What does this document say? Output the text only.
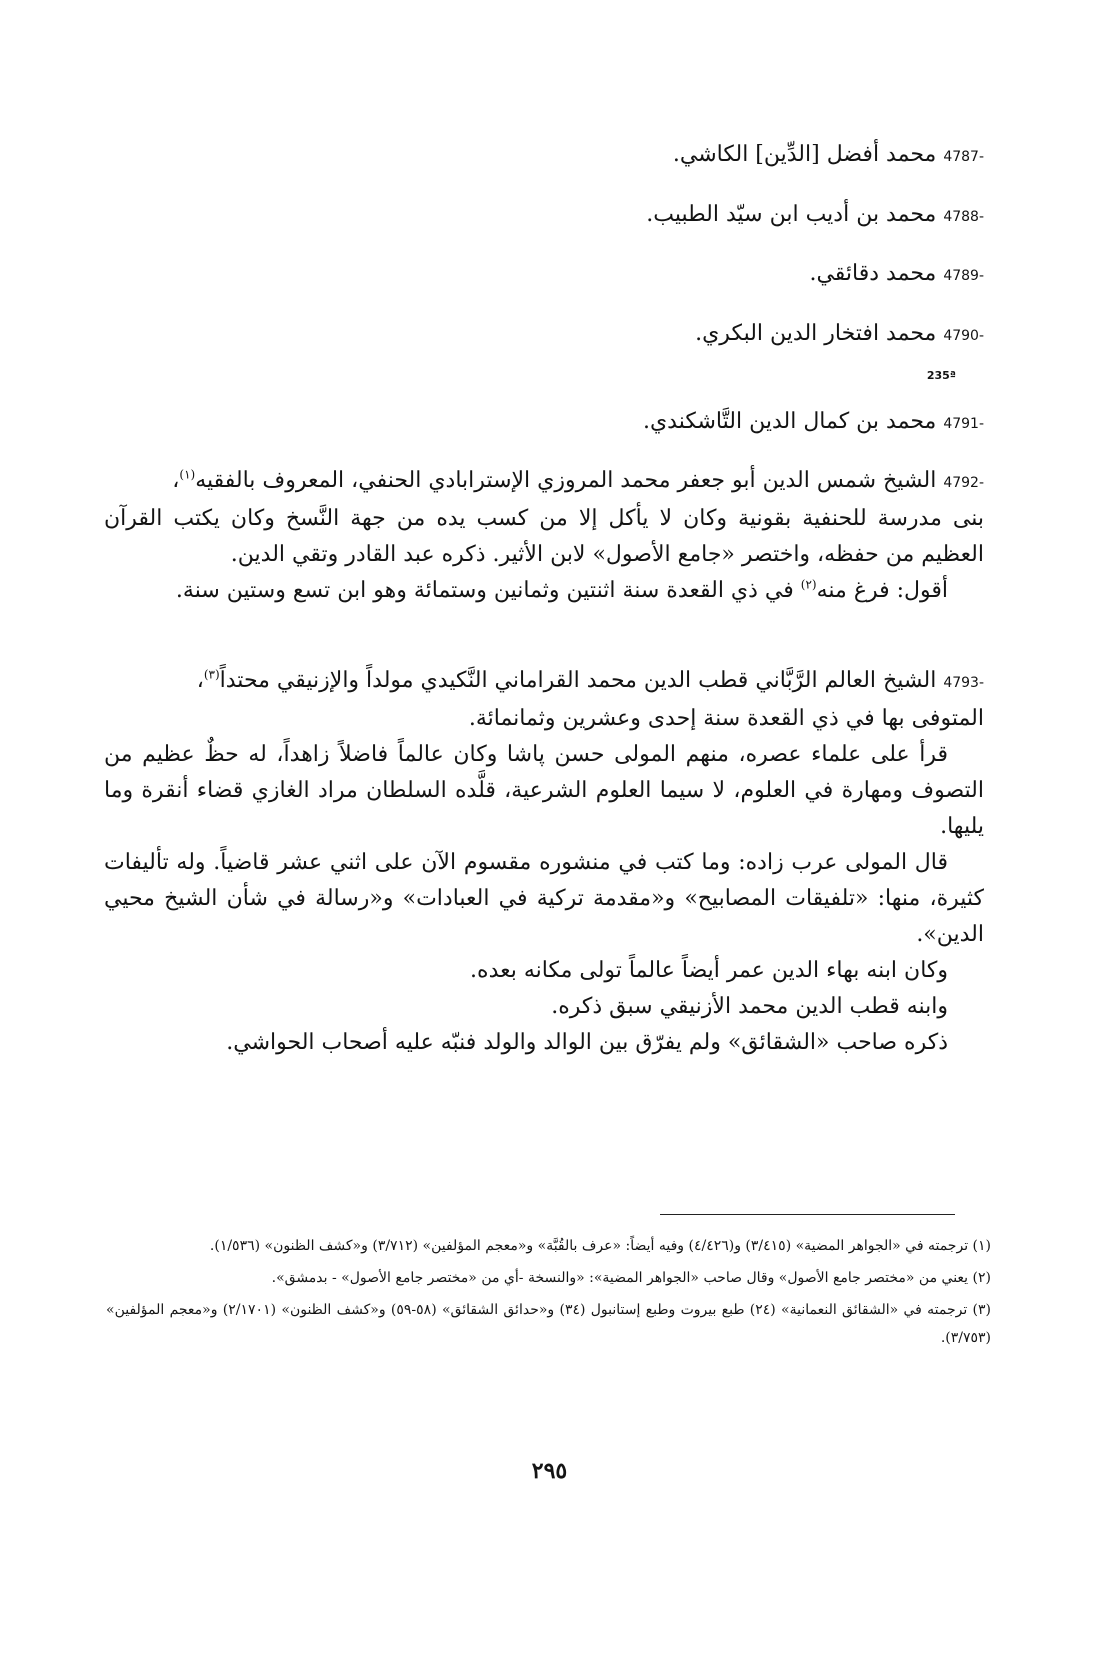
4787- محمد أفضل [الدِّين] الكاشي.
4788- محمد بن أديب ابن سيّد الطبيب.
4789- محمد دقائقي.
4790- محمد افتخار الدين البكري.
235ª
4791- محمد بن كمال الدين التَّاشكندي.
4792- الشيخ شمس الدين أبو جعفر محمد المروزي الإسترابادي الحنفي، المعروف بالفقيه$^{(١)}$،
بنى مدرسة للحنفية بقونية وكان لا يأكل إلا من كسب يده من جهة النَّسخ وكان يكتب القرآن العظيم من حفظه، واختصر «جامع الأصول» لابن الأثير. ذكره عبد القادر وتقي الدين.
أقول: فرغ منه$^{(٢)}$ في ذي القعدة سنة اثنتين وثمانين وستمائة وهو ابن تسع وستين سنة.
4793- الشيخ العالم الرَّبَّاني قطب الدين محمد القراماني النَّكيدي مولداً والإزنيقي محتداً$^{(٣)}$،
المتوفى بها في ذي القعدة سنة إحدى وعشرين وثمانمائة.
قرأ على علماء عصره، منهم المولى حسن پاشا وكان عالماً فاضلاً زاهداً، له حظٌ عظيم من التصوف ومهارة في العلوم، لا سيما العلوم الشرعية، قلَّده السلطان مراد الغازي قضاء أنقرة وما يليها.
قال المولى عرب زاده: وما كتب في منشوره مقسوم الآن على اثني عشر قاضياً. وله تأليفات كثيرة، منها: «تلفيقات المصابيح» و«مقدمة تركية في العبادات» و«رسالة في شأن الشيخ محيي الدين».
وكان ابنه بهاء الدين عمر أيضاً عالماً تولى مكانه بعده.
وابنه قطب الدين محمد الأزنيقي سبق ذكره.
ذكره صاحب «الشقائق» ولم يفرّق بين الوالد والولد فنبّه عليه أصحاب الحواشي.

(١) ترجمته في «الجواهر المضية» (٣/٤١٥) و(٤/٤٢٦) وفيه أيضاً: «عرف بالقُبَّة» و«معجم المؤلفين» (٣/٧١٢) و«كشف الظنون» (١/٥٣٦).

(٢) يعني من «مختصر جامع الأصول» وقال صاحب «الجواهر المضية»: «والنسخة -أي من «مختصر جامع الأصول» - بدمشق».

(٣) ترجمته في «الشقائق النعمانية» (٢٤) طبع بيروت وطبع إستانبول (٣٤) و«حدائق الشقائق» (٥٨-٥٩) و«كشف الظنون» (٢/١٧٠١) و«معجم المؤلفين» (٣/٧٥٣).

٢٩٥
